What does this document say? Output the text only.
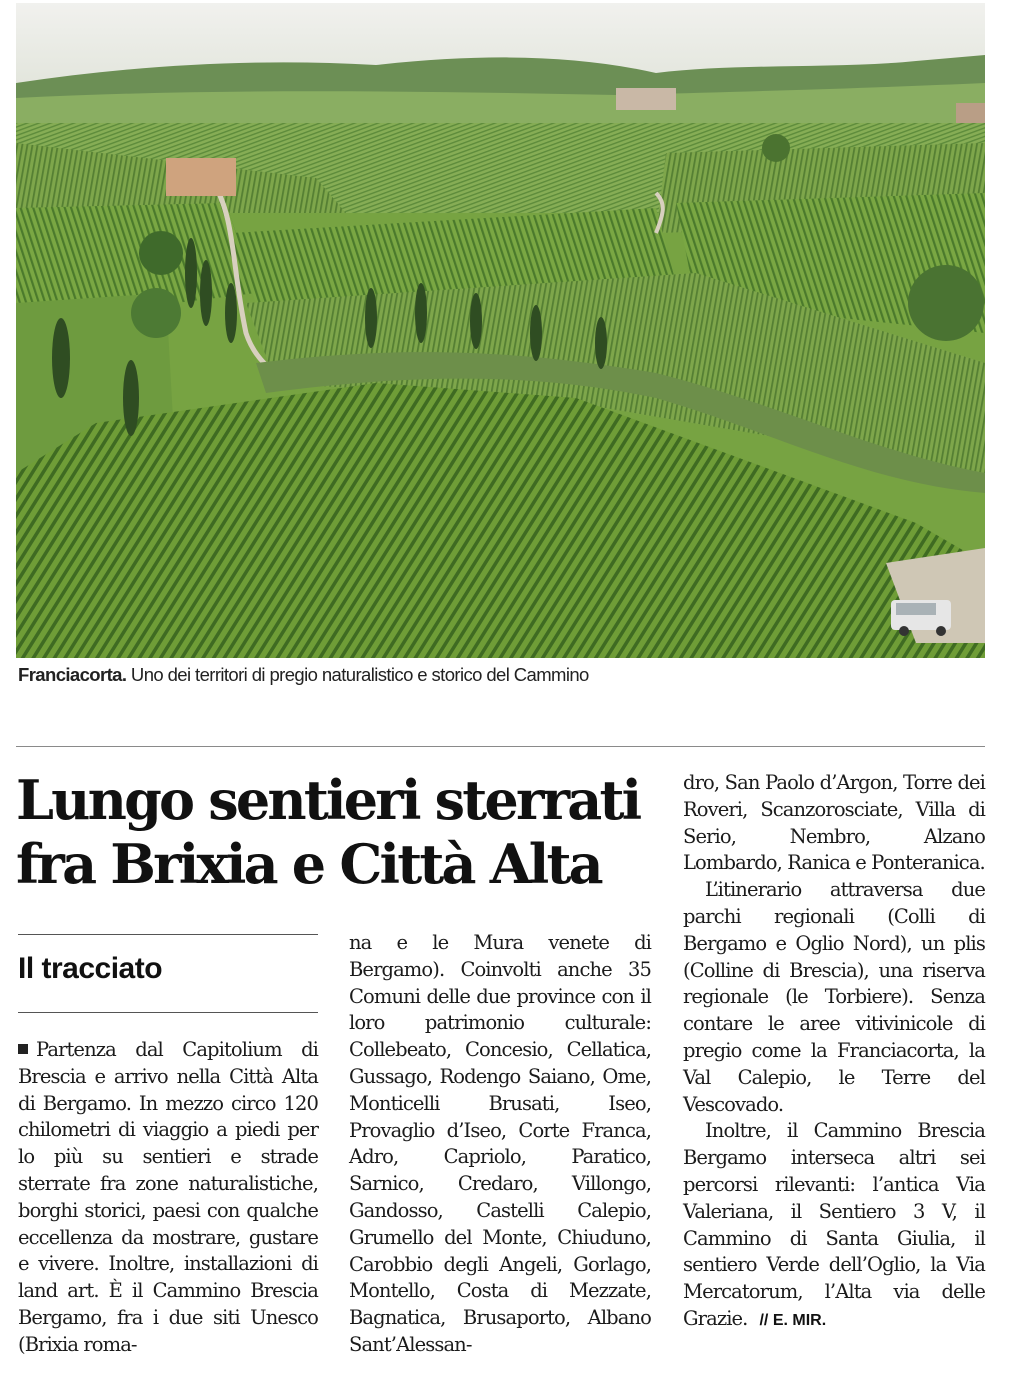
Franciacorta. Uno dei territori di pregio naturalistico e storico del Cammino
Lungo sentieri sterrati
fra Brixia e Città Alta
Il tracciato

Partenza dal Capitolium di Brescia e arrivo nella Città Alta di Bergamo. In mezzo circo 120 chilometri di viaggio a piedi per lo più su sentieri e strade sterrate fra zone naturalistiche, borghi storici, paesi con qualche eccellenza da mostrare, gustare e vivere. Inoltre, installazioni di land art. È il Cammino Brescia Bergamo, fra i due siti Unesco (Brixia roma-

na e le Mura venete di Bergamo). Coinvolti anche 35 Comuni delle due province con il loro patrimonio culturale: Collebeato, Concesio, Cellatica, Gussago, Rodengo Saiano, Ome, Monticelli Brusati, Iseo, Provaglio d’Iseo, Corte Franca, Adro, Capriolo, Paratico, Sarnico, Credaro, Villongo, Gandosso, Castelli Calepio, Grumello del Monte, Chiuduno, Carobbio degli Angeli, Gorlago, Montello, Costa di Mezzate, Bagnatica, Brusaporto, Albano Sant’Alessan-

dro, San Paolo d’Argon, Torre dei Roveri, Scanzorosciate, Villa di Serio, Nembro, Alzano Lombardo, Ranica e Ponteranica.

L’itinerario attraversa due parchi regionali (Colli di Bergamo e Oglio Nord), un plis (Colline di Brescia), una riserva regionale (le Torbiere). Senza contare le aree vitivinicole di pregio come la Franciacorta, la Val Calepio, le Terre del Vescovado.

Inoltre, il Cammino Brescia Bergamo interseca altri sei percorsi rilevanti: l’antica Via Valeriana, il Sentiero 3 V, il Cammino di Santa Giulia, il sentiero Verde dell’Oglio, la Via Mercatorum, l’Alta via delle Grazie. // E. MIR.
